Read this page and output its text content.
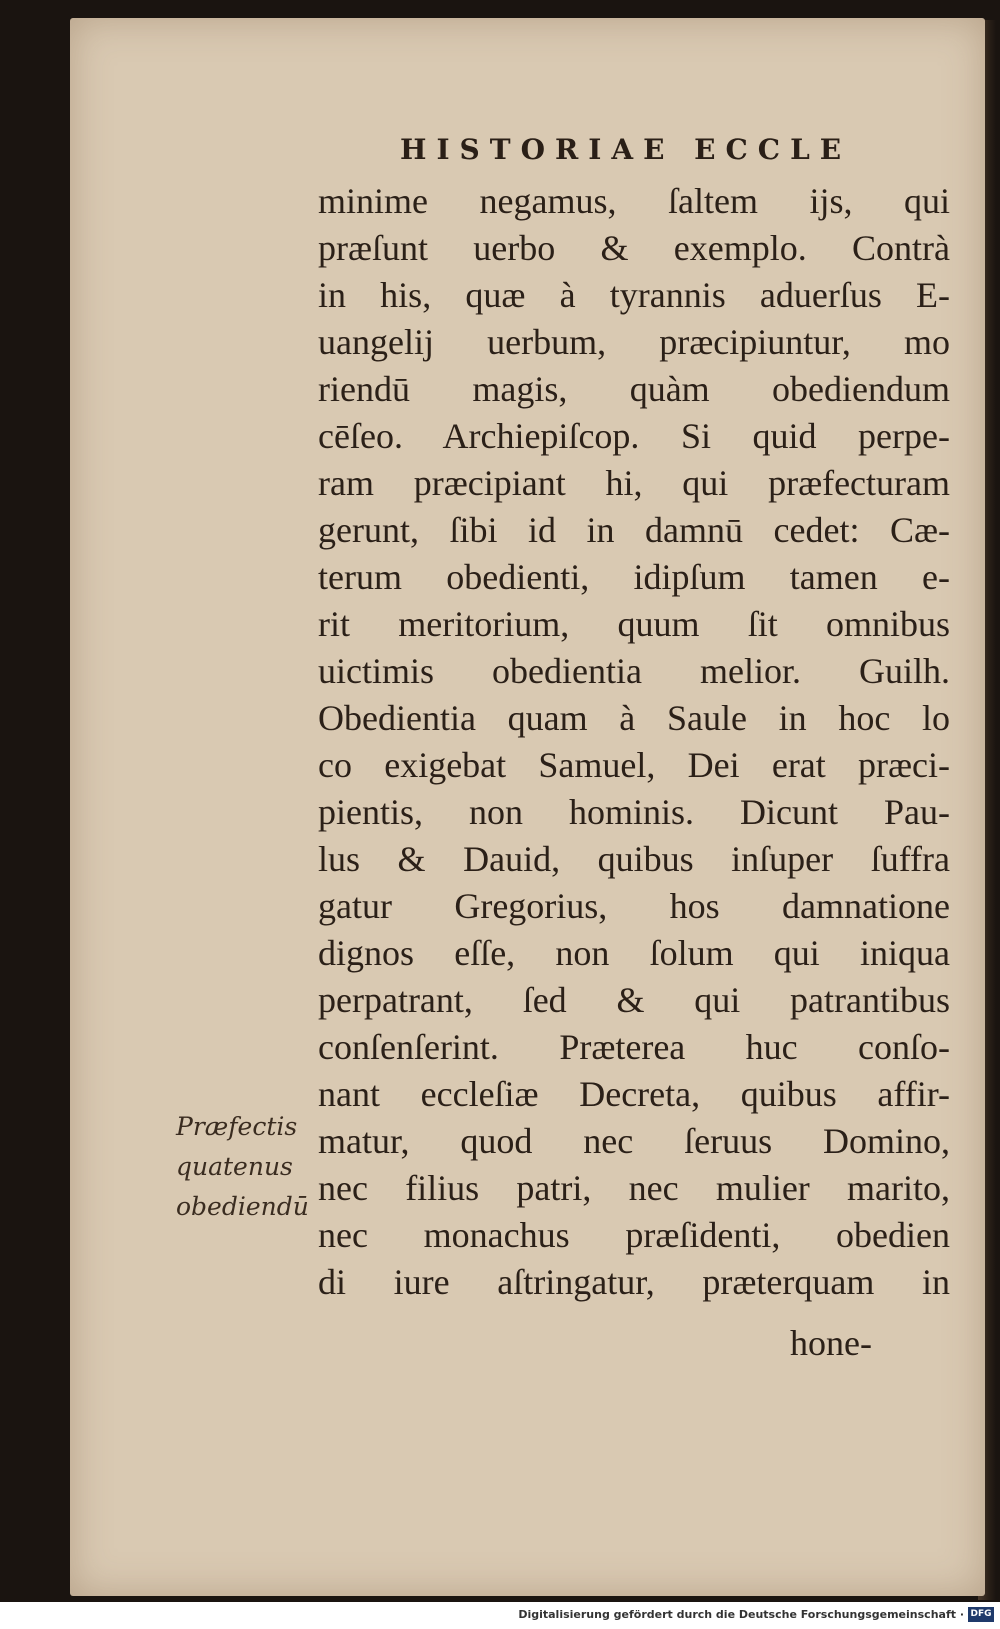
HISTORIAE ECCLE
minime negamus, ſaltem ijs, qui
præſunt uerbo & exemplo. Contrà
in his, quæ à tyrannis aduerſus E-
uangelij uerbum, præcipiuntur, mo
riendū magis, quàm obediendum
cēſeo. Archiepiſcop. Si quid perpe-
ram præcipiant hi, qui præfecturam
gerunt, ſibi id in damnū cedet: Cæ-
terum obedienti, idipſum tamen e-
rit meritorium, quum ſit omnibus
uictimis obedientia melior. Guilh.
Obedientia quam à Saule in hoc lo
co exigebat Samuel, Dei erat præci-
pientis, non hominis. Dicunt Pau-
lus & Dauid, quibus inſuper ſuffra
gatur Gregorius, hos damnatione
dignos eſſe, non ſolum qui iniqua
perpatrant, ſed & qui patrantibus
conſenſerint. Præterea huc conſo-
nant eccleſiæ Decreta, quibus affir-
matur, quod nec ſeruus Domino,
nec filius patri, nec mulier marito,
nec monachus præſidenti, obedien
di iure aſtringatur, præterquam in
Præfectis
quatenus
obediendū
hone-
Digitalisierung gefördert durch die Deutsche Forschungsgemeinschaft · DFG
